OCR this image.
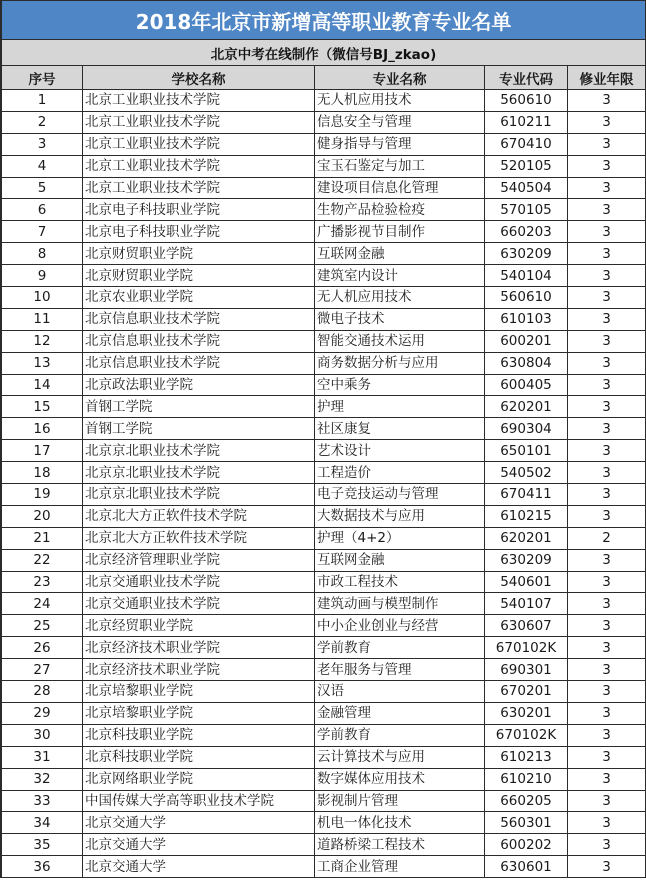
2018年北京市新增高等职业教育专业名单				
北京中考在线制作（微信号BJ_zkao)				
序号	学校名称	专业名称	专业代码	修业年限
1	北京工业职业技术学院	无人机应用技术	560610	3
2	北京工业职业技术学院	信息安全与管理	610211	3
3	北京工业职业技术学院	健身指导与管理	670410	3
4	北京工业职业技术学院	宝玉石鉴定与加工	520105	3
5	北京工业职业技术学院	建设项目信息化管理	540504	3
6	北京电子科技职业学院	生物产品检验检疫	570105	3
7	北京电子科技职业学院	广播影视节目制作	660203	3
8	北京财贸职业学院	互联网金融	630209	3
9	北京财贸职业学院	建筑室内设计	540104	3
10	北京农业职业学院	无人机应用技术	560610	3
11	北京信息职业技术学院	微电子技术	610103	3
12	北京信息职业技术学院	智能交通技术运用	600201	3
13	北京信息职业技术学院	商务数据分析与应用	630804	3
14	北京政法职业学院	空中乘务	600405	3
15	首钢工学院	护理	620201	3
16	首钢工学院	社区康复	690304	3
17	北京京北职业技术学院	艺术设计	650101	3
18	北京京北职业技术学院	工程造价	540502	3
19	北京京北职业技术学院	电子竞技运动与管理	670411	3
20	北京北大方正软件技术学院	大数据技术与应用	610215	3
21	北京北大方正软件技术学院	护理（4+2）	620201	2
22	北京经济管理职业学院	互联网金融	630209	3
23	北京交通职业技术学院	市政工程技术	540601	3
24	北京交通职业技术学院	建筑动画与模型制作	540107	3
25	北京经贸职业学院	中小企业创业与经营	630607	3
26	北京经济技术职业学院	学前教育	670102K	3
27	北京经济技术职业学院	老年服务与管理	690301	3
28	北京培黎职业学院	汉语	670201	3
29	北京培黎职业学院	金融管理	630201	3
30	北京科技职业学院	学前教育	670102K	3
31	北京科技职业学院	云计算技术与应用	610213	3
32	北京网络职业学院	数字媒体应用技术	610210	3
33	中国传媒大学高等职业技术学院	影视制片管理	660205	3
34	北京交通大学	机电一体化技术	560301	3
35	北京交通大学	道路桥梁工程技术	600202	3
36	北京交通大学	工商企业管理	630601	3
